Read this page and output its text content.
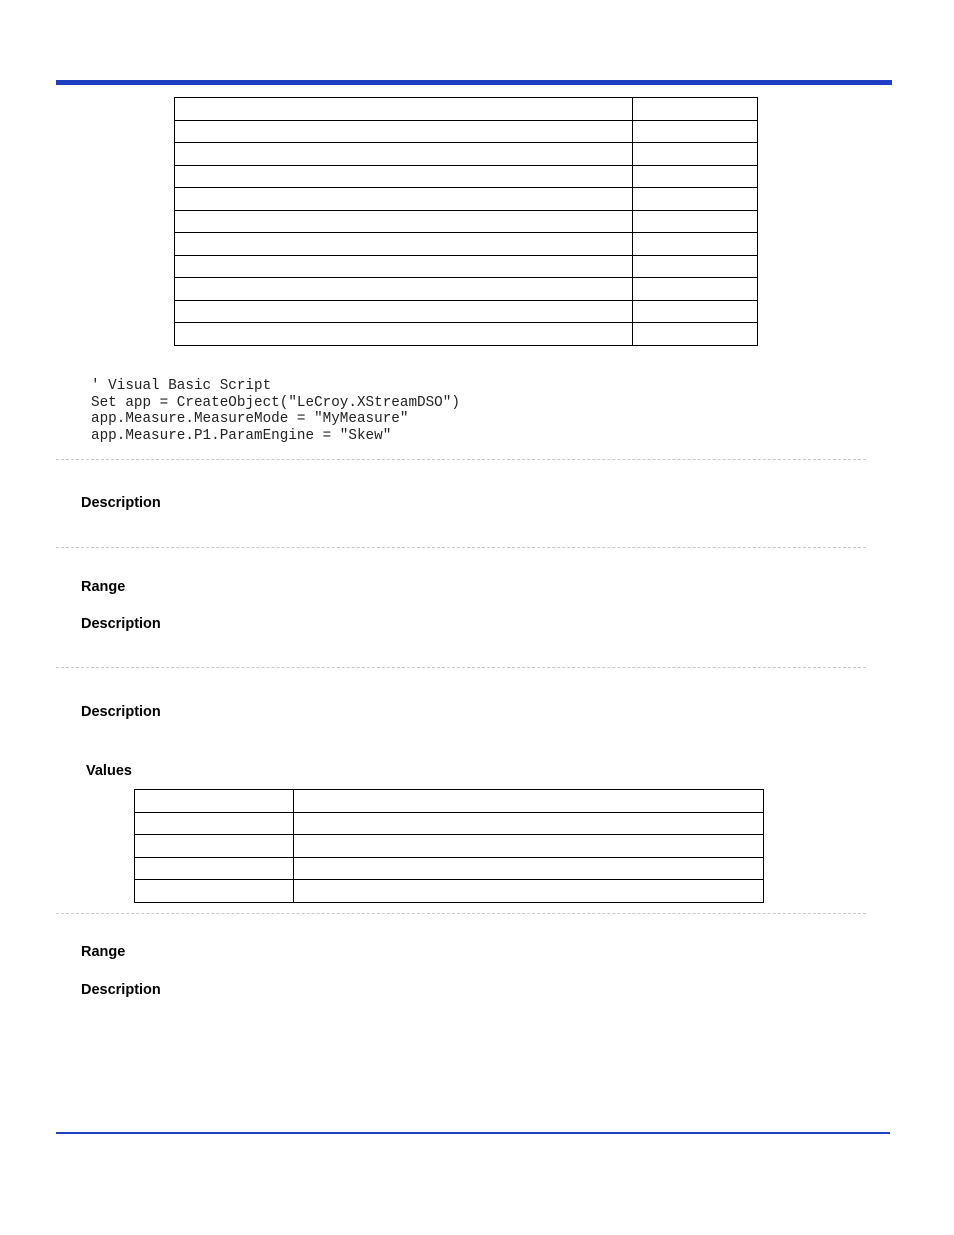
' Visual Basic Script
Set app = CreateObject("LeCroy.XStreamDSO")
app.Measure.MeasureMode = "MyMeasure"
app.Measure.P1.ParamEngine = "Skew"
Description
Range
Description
Description
Values

Range
Description
